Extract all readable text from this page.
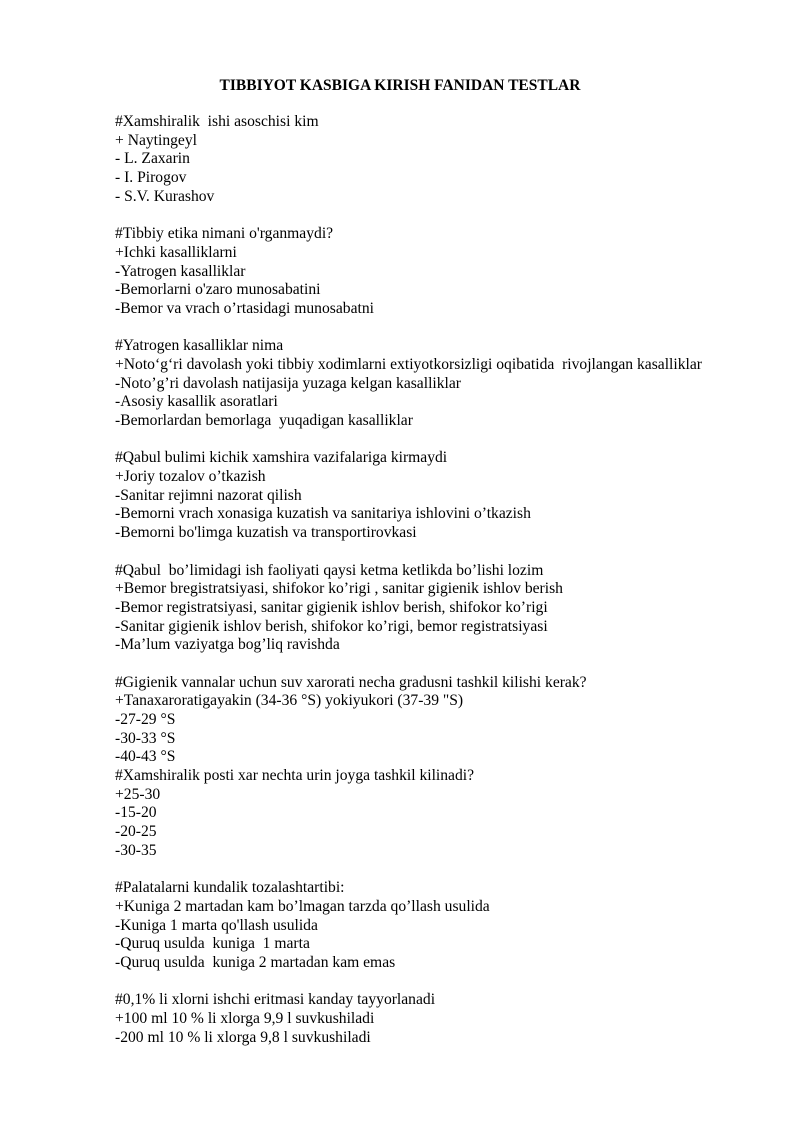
TIBBIYOT KASBIGA KIRISH FANIDAN TESTLAR
#Xamshiralik  ishi asoschisi kim
+ Naytingeyl
- L. Zaxarin
- I. Pirogov
- S.V. Kurashov
#Tibbiy etika nimani o'rganmaydi?
+Ichki kasalliklarni
-Yatrogen kasalliklar
-Bemorlarni o'zaro munosabatini
-Bemor va vrach o’rtasidagi munosabatni
#Yatrogen kasalliklar nima
+Noto‘g‘ri davolash yoki tibbiy xodimlarni extiyotkorsizligi oqibatida  rivojlangan kasalliklar
-Noto’g’ri davolash natijasija yuzaga kelgan kasalliklar
-Asosiy kasallik asoratlari
-Bemorlardan bemorlaga  yuqadigan kasalliklar
#Qabul bulimi kichik xamshira vazifalariga kirmaydi
+Joriy tozalov o’tkazish
-Sanitar rejimni nazorat qilish
-Bemorni vrach xonasiga kuzatish va sanitariya ishlovini o’tkazish
-Bemorni bo'limga kuzatish va transportirovkasi
#Qabul  bo’limidagi ish faoliyati qaysi ketma ketlikda bo’lishi lozim
+Bemor bregistratsiyasi, shifokor ko’rigi , sanitar gigienik ishlov berish
-Bemor registratsiyasi, sanitar gigienik ishlov berish, shifokor ko’rigi
-Sanitar gigienik ishlov berish, shifokor ko’rigi, bemor registratsiyasi
-Ma’lum vaziyatga bog’liq ravishda
#Gigienik vannalar uchun suv xarorati necha gradusni tashkil kilishi kerak?
+Tanaxaroratigayakin (34-36 °S) yokiyukori (37-39 "S)
-27-29 °S
-30-33 °S
-40-43 °S
#Xamshiralik posti xar nechta urin joyga tashkil kilinadi?
+25-30
-15-20
-20-25
-30-35
#Palatalarni kundalik tozalashtartibi:
+Kuniga 2 martadan kam bo’lmagan tarzda qo’llash usulida
-Kuniga 1 marta qo'llash usulida
-Quruq usulda  kuniga  1 marta
-Quruq usulda  kuniga 2 martadan kam emas
#0,1% li xlorni ishchi eritmasi kanday tayyorlanadi
+100 ml 10 % li xlorga 9,9 l suvkushiladi
-200 ml 10 % li xlorga 9,8 l suvkushiladi
